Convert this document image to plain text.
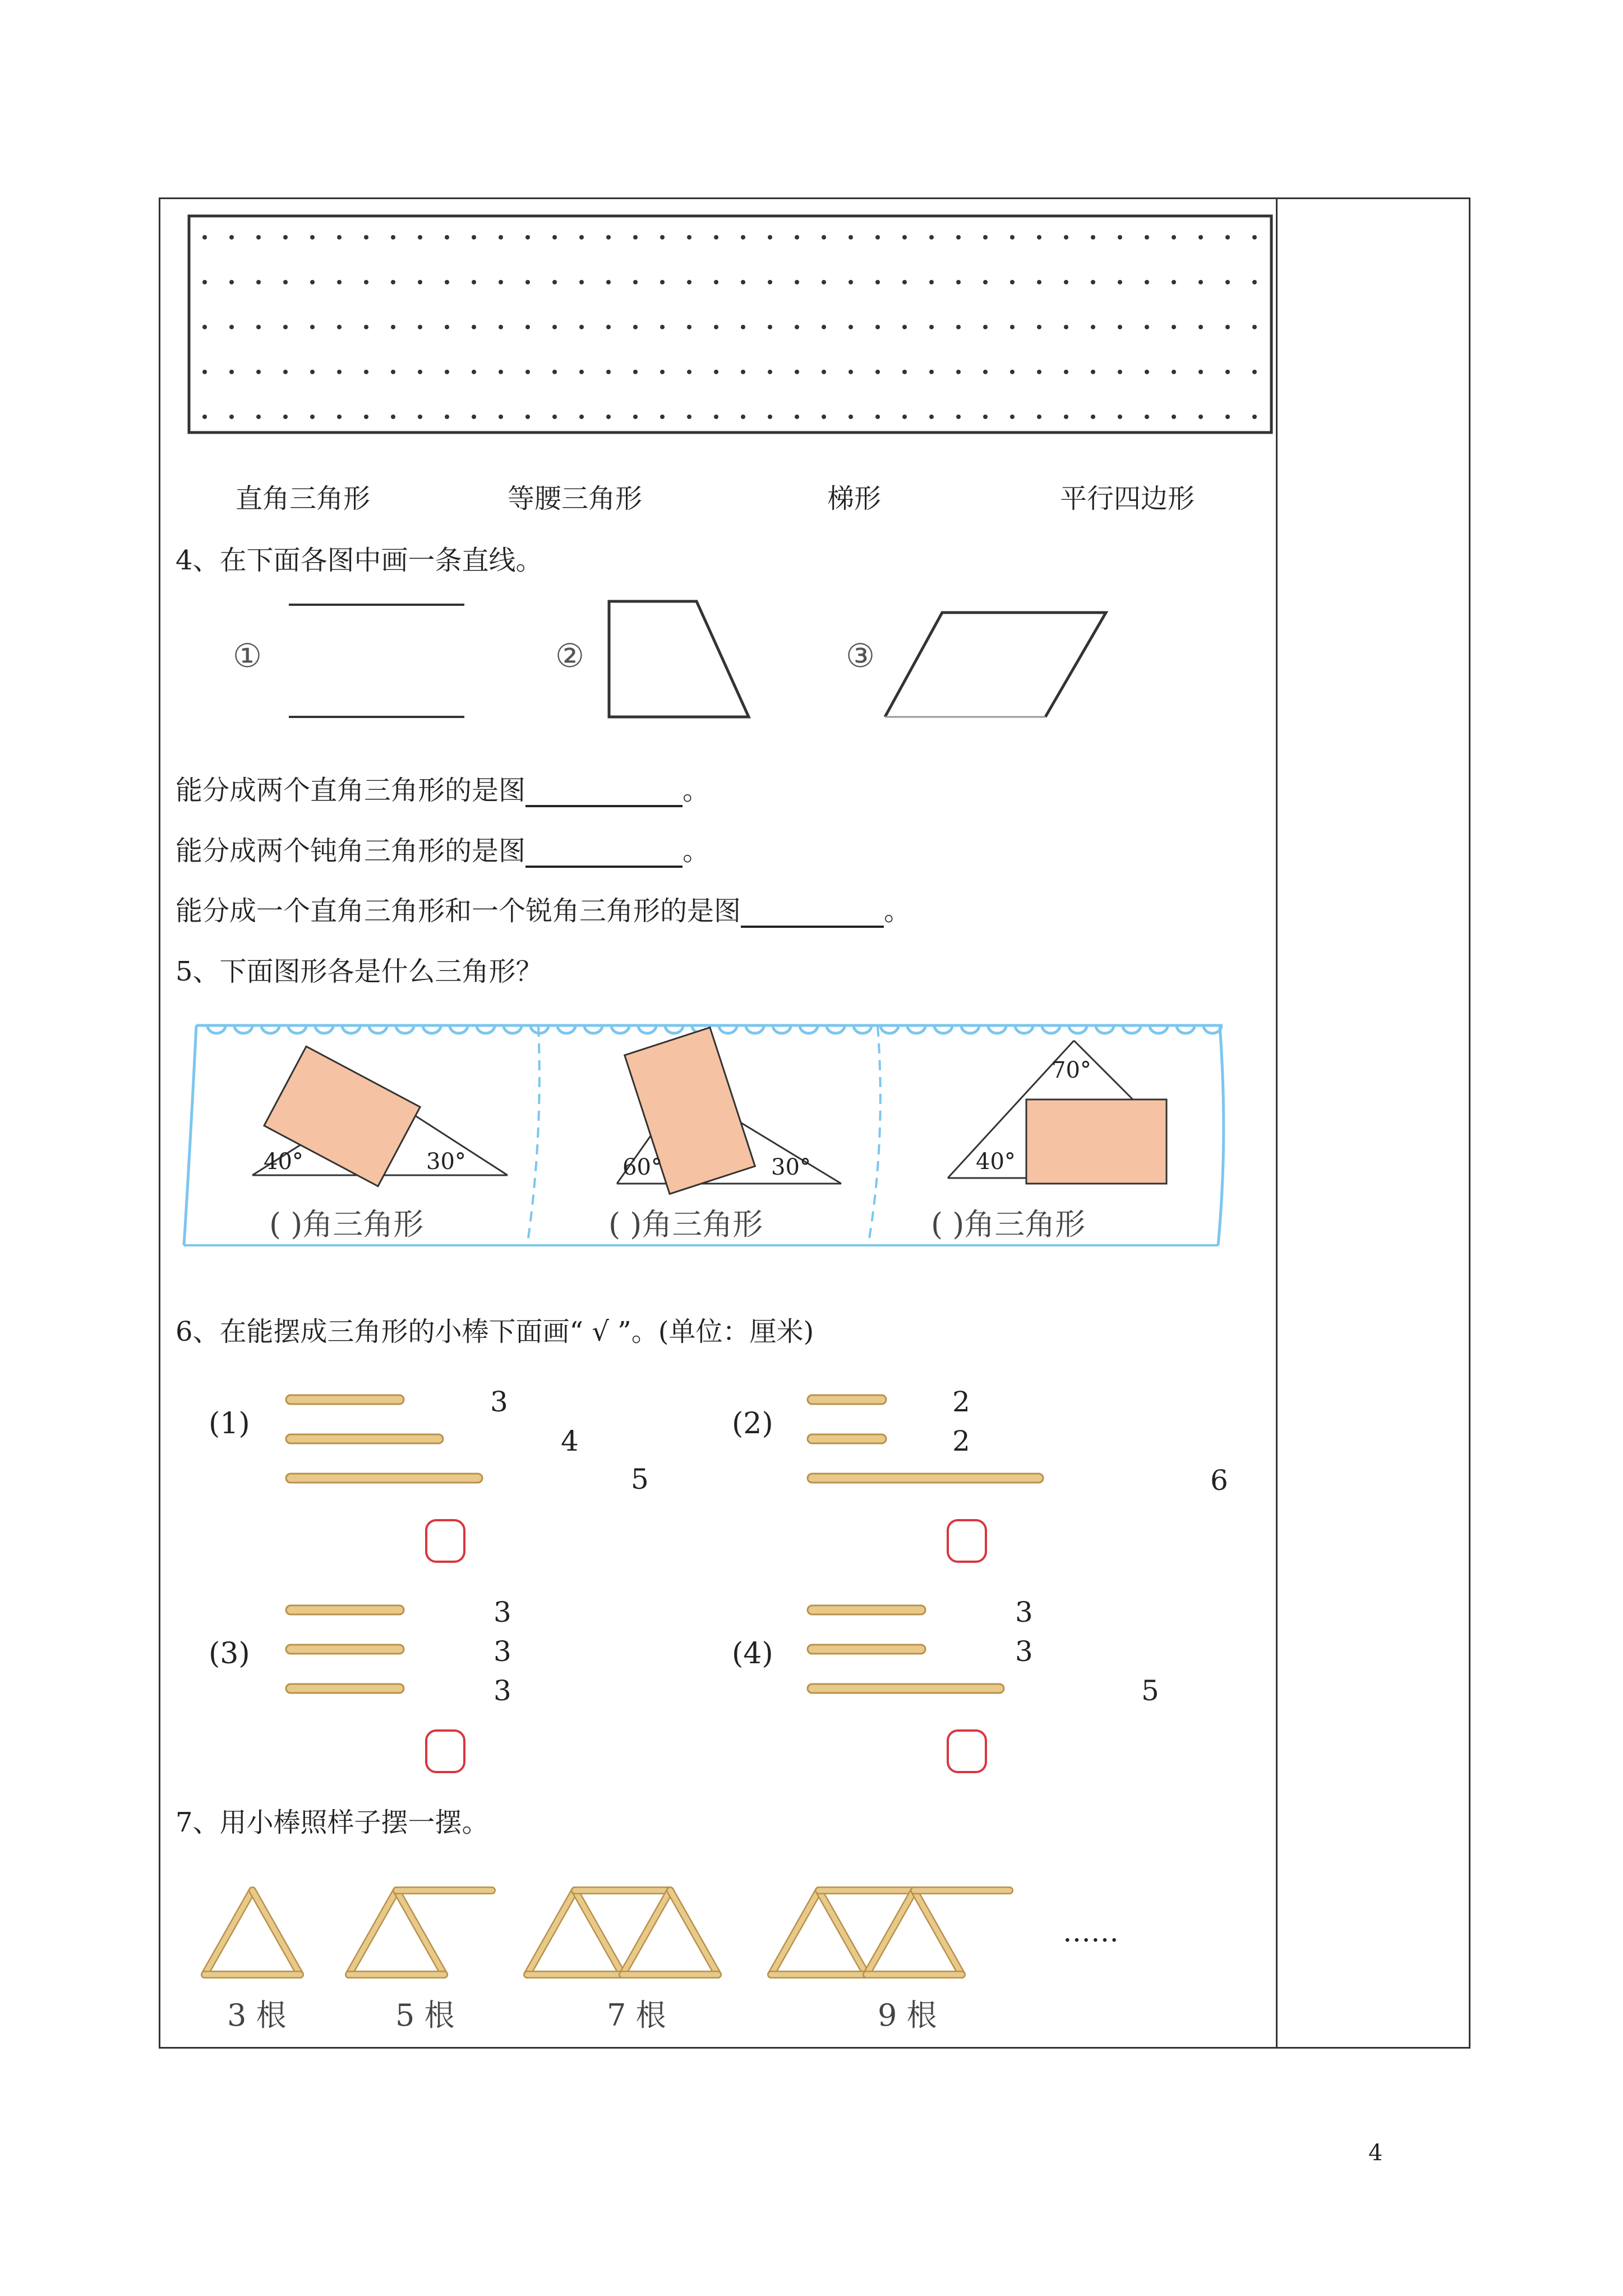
直角三角形	等腰三角形	梯形	平行四边形
4、在下面各图中画一条直线。
①	②	③
能分成两个直角三角形的是图	。
能分成两个钝角三角形的是图	。
能分成一个直角三角形和一个锐角三角形的是图	。
5、下面图形各是什么三角形？
40°	30°	60°	30°
70°
40°
( )角三角形	( )角三角形	( )角三角形
6、在能摆成三角形的小棒下面画“ √ ”。(单位：厘米)
(1)	(2)
(3)	(4)
3
4
5
2
2
6
3
3
3
3
3
5
7、用小棒照样子摆一摆。
……
3 根	5 根	7 根	9 根
4
